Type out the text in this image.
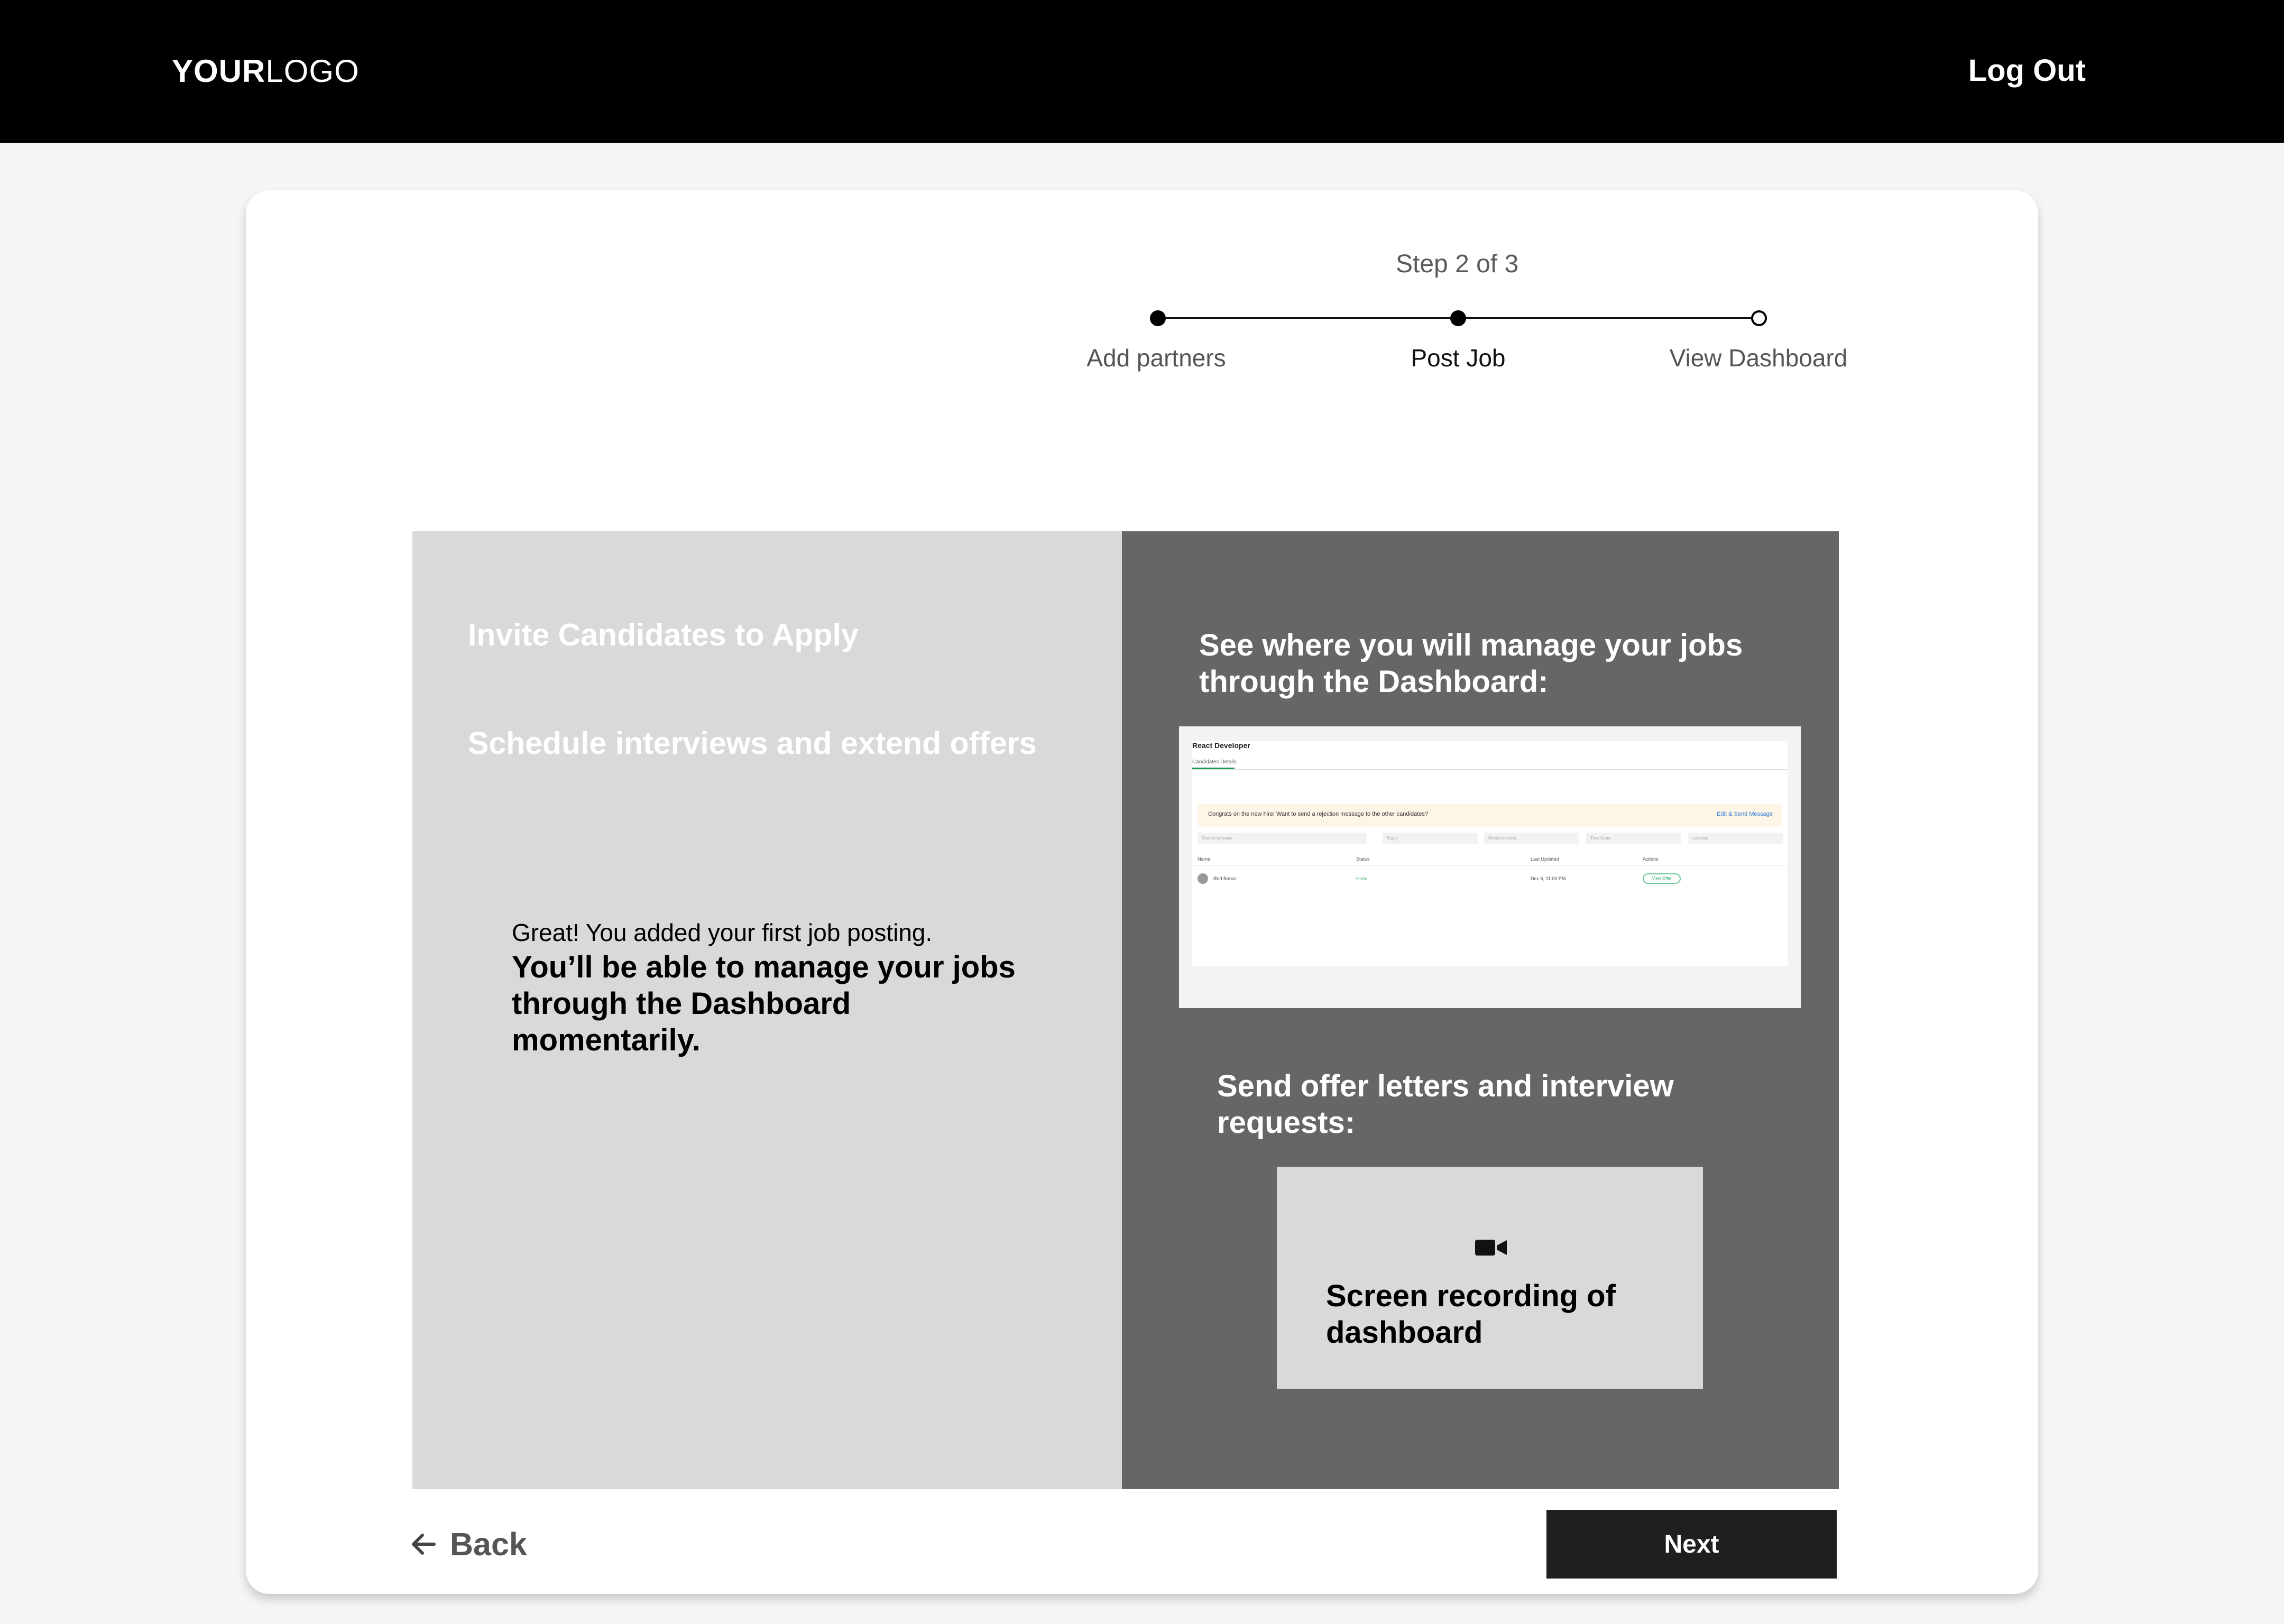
YOURLOGO	Log Out
Step 2 of 3
Add partners	Post Job	View Dashboard
Invite Candidates to Apply
Schedule interviews and extend offers
Great! You added your first job posting.
You’ll be able to manage your jobs through the Dashboard momentarily.
See where you will manage your jobs through the Dashboard:
React Developer
Candidates Details
Congrats on the new hire! Want to send a rejection message to the other candidates?	Edit & Send Message
Search by name	Stage	Recent reports	Timeframe	Location
Name	Status	Last Updated	Actions
Rod Barun	Hired	Dec 6, 11:00 PM	View Offer
Send offer letters and interview requests:
Screen recording of dashboard
Back	Next
